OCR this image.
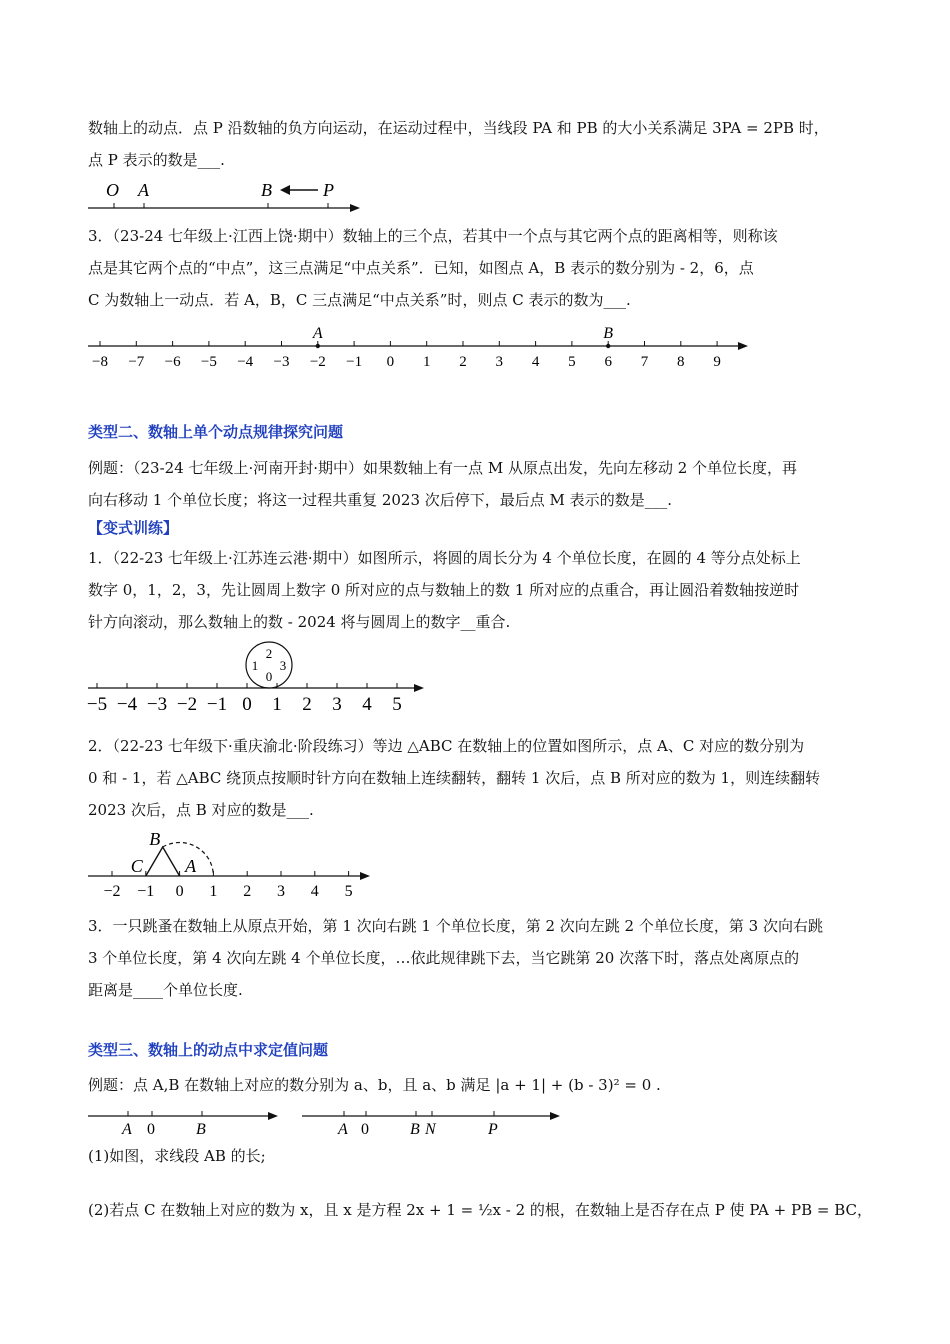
数轴上的动点．点 P 沿数轴的负方向运动，在运动过程中，当线段 PA 和 PB 的大小关系满足 3PA = 2PB 时，
点 P 表示的数是___.
O A	B	P
3．（23-24 七年级上·江西上饶·期中）数轴上的三个点，若其中一个点与其它两个点的距离相等，则称该
点是其它两个点的“中点”，这三点满足“中点关系”．已知，如图点 A，B 表示的数分别为 - 2，6，点
C 为数轴上一动点．若 A，B，C 三点满足“中点关系”时，则点 C 表示的数为___.
−8 −7 −6 −5 −4 −3 −2 −1 0 1 2 3 4 5 6 7 8 9
A	B
类型二、数轴上单个动点规律探究问题
例题：（23-24 七年级上·河南开封·期中）如果数轴上有一点 M 从原点出发，先向左移动 2 个单位长度，再
向右移动 1 个单位长度；将这一过程共重复 2023 次后停下，最后点 M 表示的数是___.
【变式训练】
1．（22-23 七年级上·江苏连云港·期中）如图所示，将圆的周长分为 4 个单位长度，在圆的 4 等分点处标上
数字 0，1，2，3，先让圆周上数字 0 所对应的点与数轴上的数 1 所对应的点重合，再让圆沿着数轴按逆时
针方向滚动，那么数轴上的数 - 2024 将与圆周上的数字__重合.
−5 −4 −3 −2 −1 0 1 2 3 4 5
2
1 3
0
2．（22-23 七年级下·重庆渝北·阶段练习）等边 △ABC 在数轴上的位置如图所示，点 A、C 对应的数分别为
0 和 - 1，若 △ABC 绕顶点按顺时针方向在数轴上连续翻转，翻转 1 次后，点 B 所对应的数为 1，则连续翻转
2023 次后，点 B 对应的数是___.
−2 −1 0 1 2 3 4 5
B
C A
3．一只跳蚤在数轴上从原点开始，第 1 次向右跳 1 个单位长度，第 2 次向左跳 2 个单位长度，第 3 次向右跳
3 个单位长度，第 4 次向左跳 4 个单位长度，…依此规律跳下去，当它跳第 20 次落下时，落点处离原点的
距离是____个单位长度.
类型三、数轴上的动点中求定值问题
例题：点 A,B 在数轴上对应的数分别为 a、b，且 a、b 满足 |a + 1| + (b - 3)² = 0 .
A 0	B	A 0	B N	P
(1)如图，求线段 AB 的长;
(2)若点 C 在数轴上对应的数为 x，且 x 是方程 2x + 1 = ½x - 2 的根，在数轴上是否存在点 P 使 PA + PB = BC，
